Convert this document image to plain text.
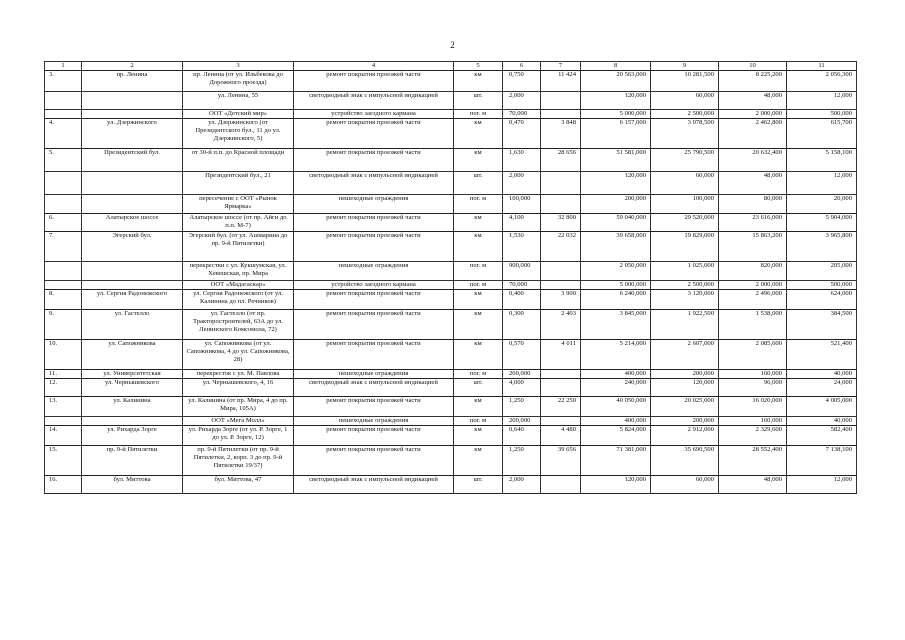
2
1	2	3	4	5	6	7	8	9	10	11
3.	пр. Ленина	пр. Ленина (от ул. Ильбекова до Дорожного проезда)	ремонт покрытия проезжей части	км	0,750	11 424	20 563,000	10 281,500	8 225,200	2 056,300
		ул. Ленина, 55	светодиодный знак с импульсной индикацией	шт.	2,000		120,000	60,000	48,000	12,000
		ООТ «Детский мир»	устройство заездного кармана	пог. м	70,000		5 000,000	2 500,000	2 000,000	500,000
4.	ул. Дзержинского	ул. Дзержинского (от Президентского бул., 11 до ул. Дзержинского, 5)	ремонт покрытия проезжей части	км	0,470	3 848	6 157,000	3 078,500	2 462,800	615,700
5.	Президентский бул.	от 30-й п.п. до Красной площади	ремонт покрытия проезжей части	км	1,630	28 656	51 581,000	25 790,500	20 632,400	5 158,100
		Президентский бул., 21	светодиодный знак с импульсной индикацией	шт.	2,000		120,000	60,000	48,000	12,000
		пересечение с ООТ «Рынок Ярмарка»	пешеходные ограждения	пог. м	100,000		200,000	100,000	80,000	20,000
6.	Алатырское шоссе	Алатырское шоссе (от пр. Айги до п.п. М-7)	ремонт покрытия проезжей части	км	4,100	32 800	59 040,000	29 520,000	23 616,000	5 904,000
7.	Эгерский бул.	Эгерский бул. (от ул. Ашмарина до пр. 9-й Пятилетки)	ремонт покрытия проезжей части	км	1,530	22 032	39 658,000	19 829,000	15 863,200	3 965,800
		перекрестки с ул. Кукшумская, ул. Хевешская, пр. Мира	пешеходные ограждения	пог. м	900,000		2 050,000	1 025,000	820,000	205,000
		ООТ «Мадагаскар»	устройство заездного кармана	пог. м	70,000		5 000,000	2 500,000	2 000,000	500,000
8.	ул. Сергия Радонежского	ул. Сергия Радонежского (от ул. Калинина до пл. Речников)	ремонт покрытия проезжей части	км	0,400	3 900	6 240,000	3 120,000	2 496,000	624,000
9.	ул. Гастелло	ул. Гастелло (от пр. Тракторостроителей, 63А до ул. Ленинского Комсомола, 72)	ремонт покрытия проезжей части	км	0,300	2 403	3 845,000	1 922,500	1 538,000	384,500
10.	ул. Сапожникова	ул. Сапожникова (от ул. Сапожникова, 4 до ул. Сапожникова, 28)	ремонт покрытия проезжей части	км	0,570	4 011	5 214,000	2 607,000	2 085,600	521,400
11.	ул. Университетская	перекресток с ул. М. Павлова	пешеходные ограждения	пог. м	200,000		400,000	200,000	160,000	40,000
12.	ул. Чернышевского	ул. Чернышевского, 4, 16	светодиодный знак с импульсной индикацией	шт.	4,000		240,000	120,000	96,000	24,000
13.	ул. Калинина	ул. Калинина (от пр. Мира, 4 до пр. Мира, 105А)	ремонт покрытия проезжей части	км	1,250	22 250	40 050,000	20 025,000	16 020,000	4 005,000
		ООТ «Мега Молл»	пешеходные ограждения	пог. м	200,000		400,000	200,000	160,000	40,000
14.	ул. Рихарда Зорге	ул. Рихарда Зорге (от ул. Р. Зорге, 1 до ул. Р. Зорге, 12)	ремонт покрытия проезжей части	км	0,640	4 480	5 824,000	2 912,000	2 329,600	582,400
15.	пр. 9-й Пятилетки	пр. 9-й Пятилетки (от пр. 9-й Пятилетки, 2, корп. 3 до пр. 9-й Пятилетки 19/37)	ремонт покрытия проезжей части	км	1,250	39 656	71 381,000	35 690,500	28 552,400	7 138,100
16.	бул. Миттова	бул. Миттова, 47	светодиодный знак с импульсной индикацией	шт.	2,000		120,000	60,000	48,000	12,000
